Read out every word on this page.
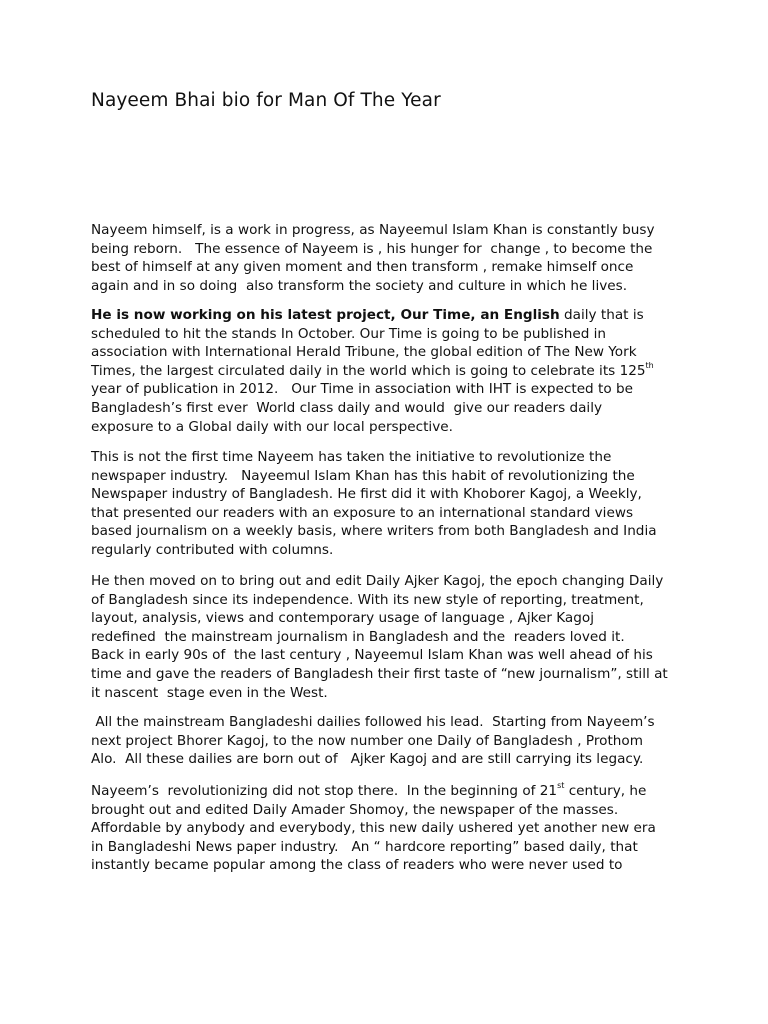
Nayeem Bhai bio for Man Of The Year
Nayeem himself, is a work in progress, as Nayeemul Islam Khan is constantly busy
being reborn.   The essence of Nayeem is , his hunger for  change , to become the
best of himself at any given moment and then transform , remake himself once
again and in so doing  also transform the society and culture in which he lives.
He is now working on his latest project, Our Time, an English daily that is
scheduled to hit the stands In October. Our Time is going to be published in
association with International Herald Tribune, the global edition of The New York
Times, the largest circulated daily in the world which is going to celebrate its 125th
year of publication in 2012.   Our Time in association with IHT is expected to be
Bangladesh’s first ever  World class daily and would  give our readers daily
exposure to a Global daily with our local perspective.
This is not the first time Nayeem has taken the initiative to revolutionize the
newspaper industry.   Nayeemul Islam Khan has this habit of revolutionizing the
Newspaper industry of Bangladesh. He first did it with Khoborer Kagoj, a Weekly,
that presented our readers with an exposure to an international standard views
based journalism on a weekly basis, where writers from both Bangladesh and India
regularly contributed with columns.
He then moved on to bring out and edit Daily Ajker Kagoj, the epoch changing Daily
of Bangladesh since its independence. With its new style of reporting, treatment,
layout, analysis, views and contemporary usage of language , Ajker Kagoj
redefined  the mainstream journalism in Bangladesh and the  readers loved it.
Back in early 90s of  the last century , Nayeemul Islam Khan was well ahead of his
time and gave the readers of Bangladesh their first taste of “new journalism”, still at
it nascent  stage even in the West.
All the mainstream Bangladeshi dailies followed his lead.  Starting from Nayeem’s
next project Bhorer Kagoj, to the now number one Daily of Bangladesh , Prothom
Alo.  All these dailies are born out of   Ajker Kagoj and are still carrying its legacy.
Nayeem’s  revolutionizing did not stop there.  In the beginning of 21st century, he
brought out and edited Daily Amader Shomoy, the newspaper of the masses.
Affordable by anybody and everybody, this new daily ushered yet another new era
in Bangladeshi News paper industry.   An “ hardcore reporting” based daily, that
instantly became popular among the class of readers who were never used to
